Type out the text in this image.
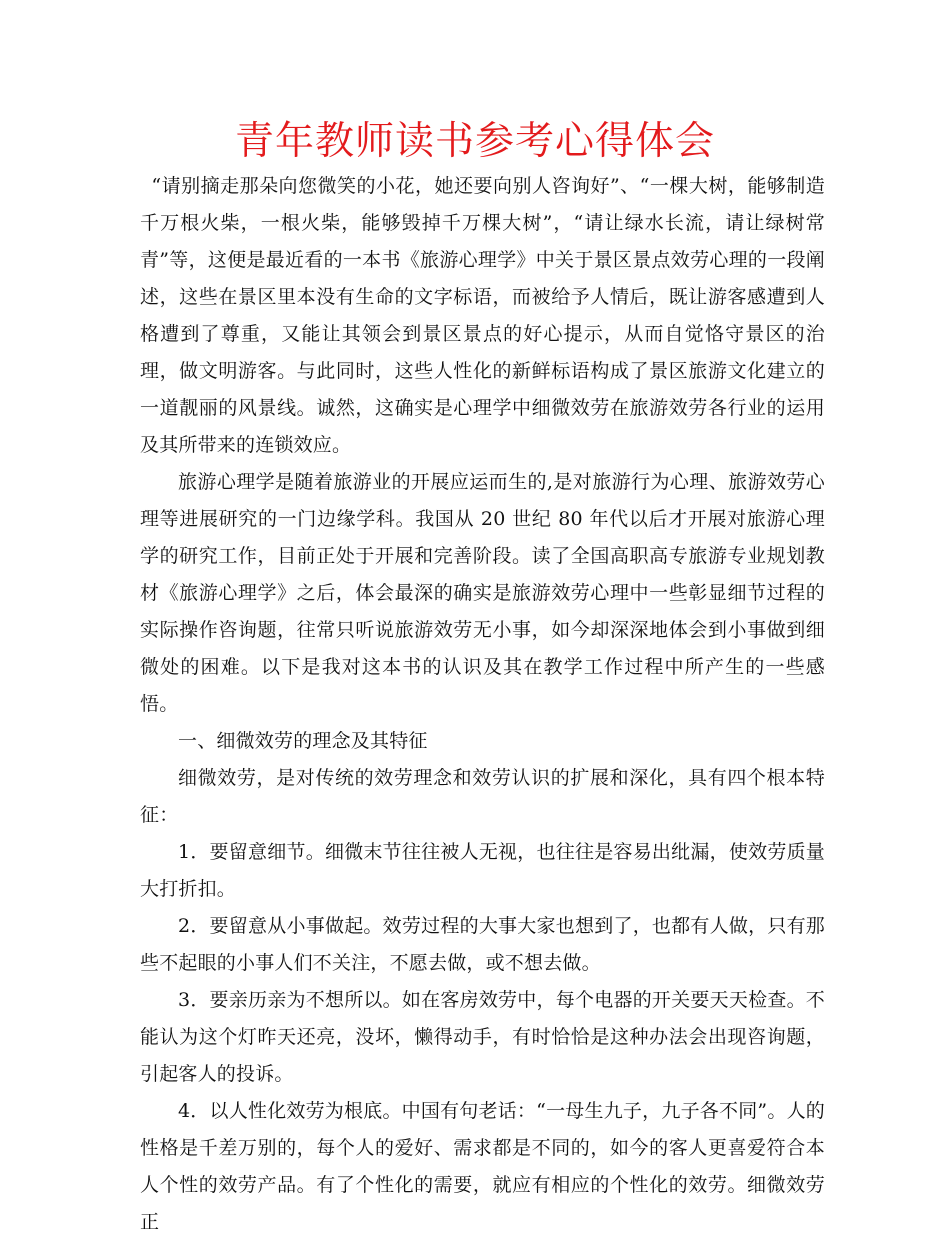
青年教师读书参考心得体会

“请别摘走那朵向您微笑的小花，她还要向别人咨询好”、“一棵大树，能够制造千万根火柴，一根火柴，能够毁掉千万棵大树”，“请让绿水长流，请让绿树常青”等，这便是最近看的一本书《旅游心理学》中关于景区景点效劳心理的一段阐述，这些在景区里本没有生命的文字标语，而被给予人情后，既让游客感遭到人格遭到了尊重，又能让其领会到景区景点的好心提示，从而自觉恪守景区的治理，做文明游客。与此同时，这些人性化的新鲜标语构成了景区旅游文化建立的一道靓丽的风景线。诚然，这确实是心理学中细微效劳在旅游效劳各行业的运用及其所带来的连锁效应。

旅游心理学是随着旅游业的开展应运而生的,是对旅游行为心理、旅游效劳心理等进展研究的一门边缘学科。我国从 20 世纪 80 年代以后才开展对旅游心理学的研究工作，目前正处于开展和完善阶段。读了全国高职高专旅游专业规划教材《旅游心理学》之后，体会最深的确实是旅游效劳心理中一些彰显细节过程的实际操作咨询题，往常只听说旅游效劳无小事，如今却深深地体会到小事做到细微处的困难。以下是我对这本书的认识及其在教学工作过程中所产生的一些感悟。

一、细微效劳的理念及其特征

细微效劳，是对传统的效劳理念和效劳认识的扩展和深化，具有四个根本特征：

1．要留意细节。细微末节往往被人无视，也往往是容易出纰漏，使效劳质量大打折扣。

2．要留意从小事做起。效劳过程的大事大家也想到了，也都有人做，只有那些不起眼的小事人们不关注，不愿去做，或不想去做。

3．要亲历亲为不想所以。如在客房效劳中，每个电器的开关要天天检查。不能认为这个灯昨天还亮，没坏，懒得动手，有时恰恰是这种办法会出现咨询题，引起客人的投诉。

4．以人性化效劳为根底。中国有句老话：“一母生九子，九子各不同”。人的性格是千差万别的，每个人的爱好、需求都是不同的，如今的客人更喜爱符合本人个性的效劳产品。有了个性化的需要，就应有相应的个性化的效劳。细微效劳正
